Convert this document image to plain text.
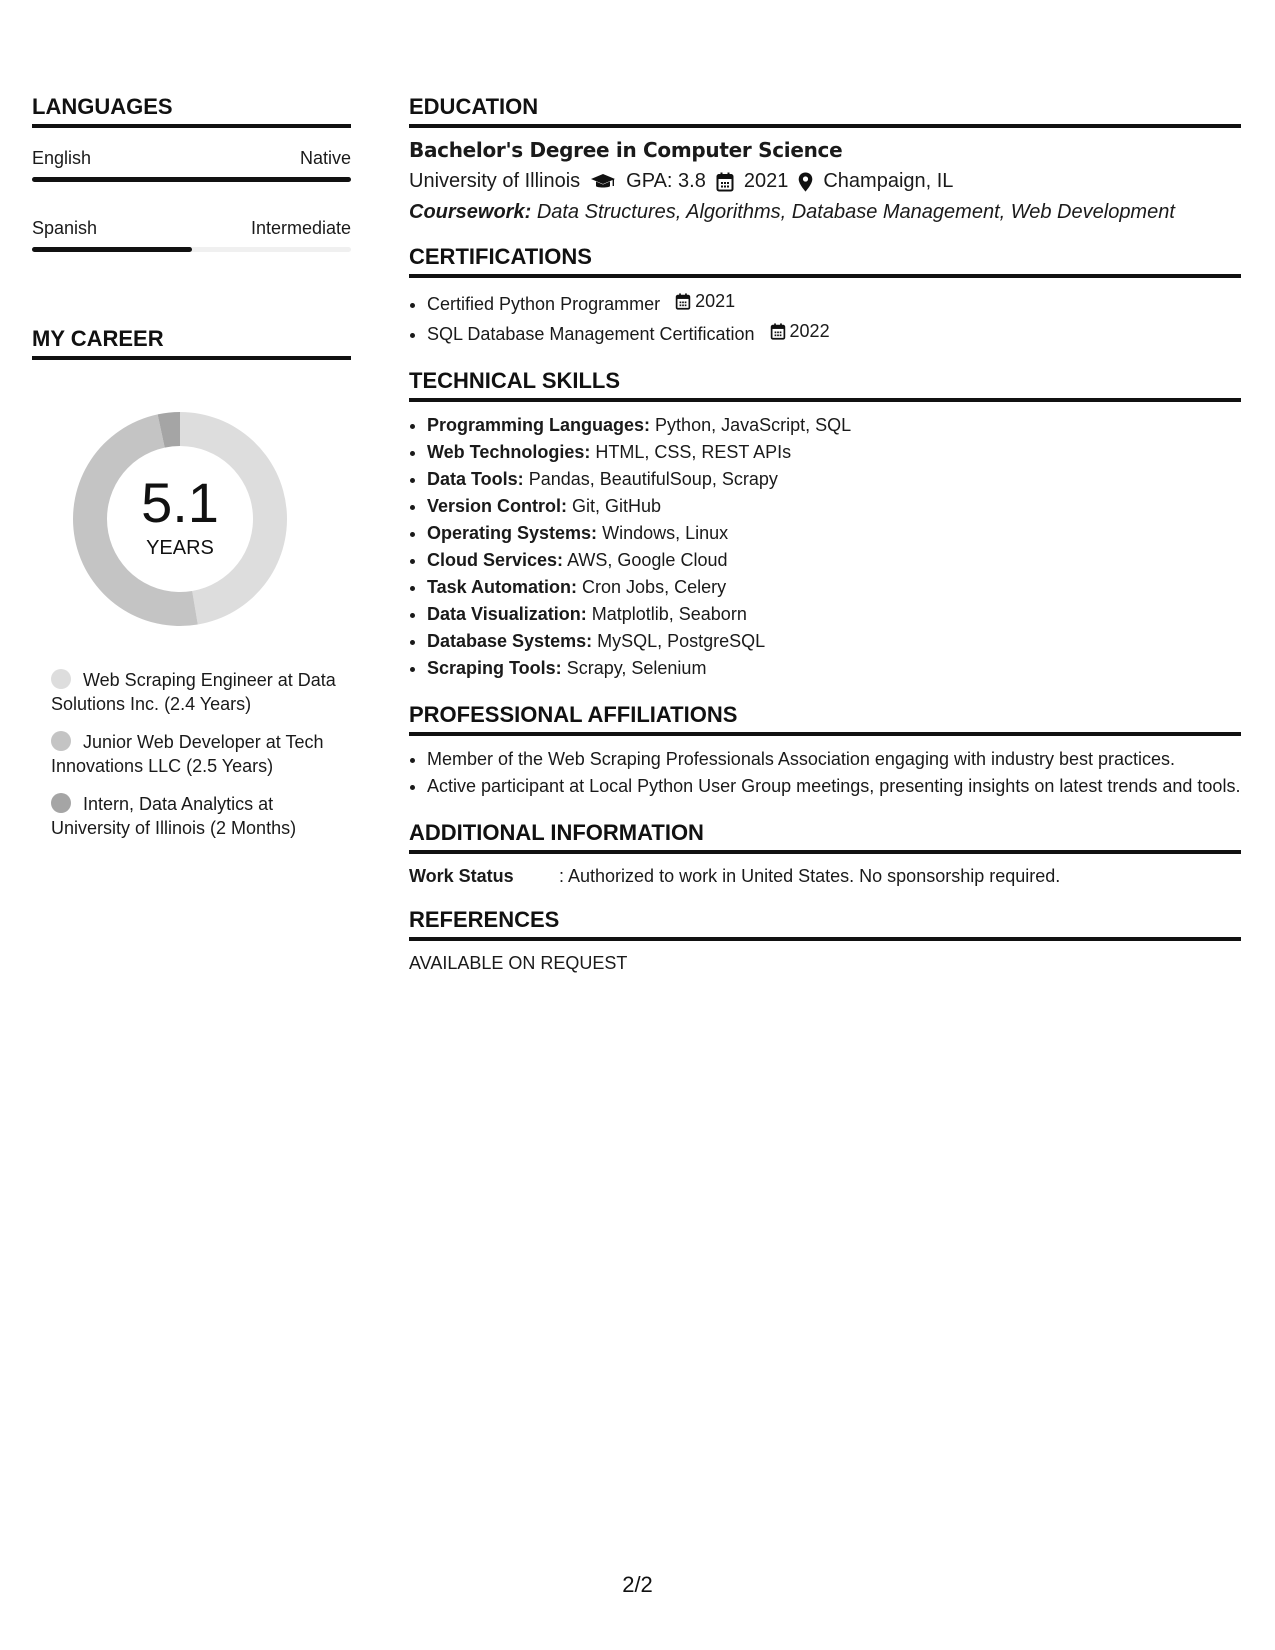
LANGUAGES
English	Native
Spanish	Intermediate
MY CAREER
5.1
YEARS
Web Scraping Engineer at Data Solutions Inc. (2.4 Years)
Junior Web Developer at Tech Innovations LLC (2.5 Years)
Intern, Data Analytics at University of Illinois (2 Months)
EDUCATION
Bachelor's Degree in Computer Science
University of Illinois GPA: 3.8 2021 Champaign, IL
Coursework: Data Structures, Algorithms, Database Management, Web Development
CERTIFICATIONS
• Certified Python Programmer 2021
• SQL Database Management Certification 2022
TECHNICAL SKILLS
• Programming Languages: Python, JavaScript, SQL
• Web Technologies: HTML, CSS, REST APIs
• Data Tools: Pandas, BeautifulSoup, Scrapy
• Version Control: Git, GitHub
• Operating Systems: Windows, Linux
• Cloud Services: AWS, Google Cloud
• Task Automation: Cron Jobs, Celery
• Data Visualization: Matplotlib, Seaborn
• Database Systems: MySQL, PostgreSQL
• Scraping Tools: Scrapy, Selenium
PROFESSIONAL AFFILIATIONS
• Member of the Web Scraping Professionals Association engaging with industry best practices.
• Active participant at Local Python User Group meetings, presenting insights on latest trends and tools.
ADDITIONAL INFORMATION
Work Status	: Authorized to work in United States. No sponsorship required.
REFERENCES
AVAILABLE ON REQUEST
2/2
